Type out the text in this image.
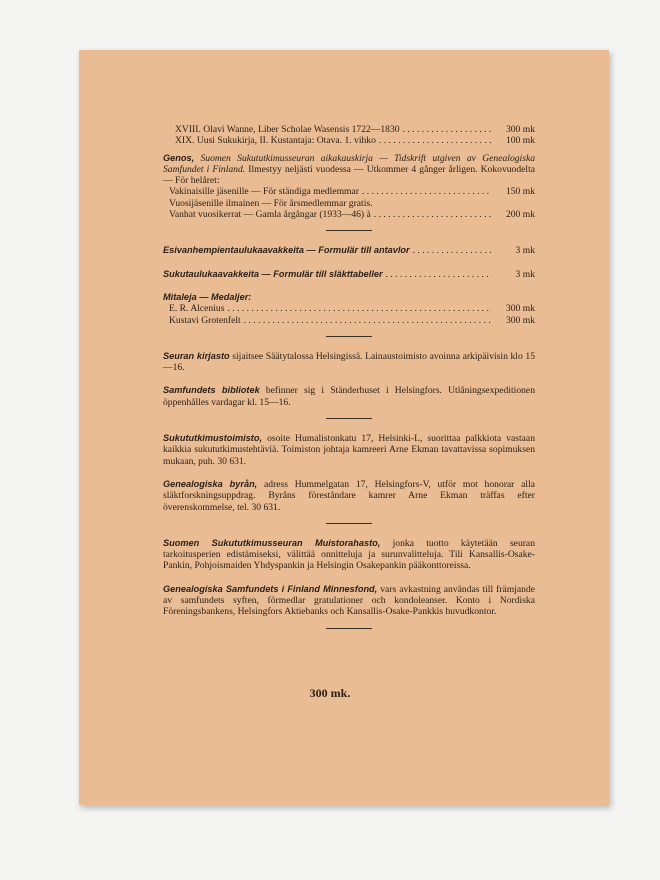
XVIII. Olavi Wanne, Liber Scholae Wasensis 1722—1830 . . .	300 mk
XIX. Uusi Sukukirja, II. Kustantaja: Otava. 1. vihko . . .	100 mk
Genos, Suomen Sukututkimusseuran aikakauskirja — Tidskrift utgiven av Genealogiska Samfundet i Finland. Ilmestyy neljästi vuodessa — Utkommer 4 gånger årligen. Kokovuodelta — För helåret:
Vakinaisille jäsenille — För ständiga medlemmar . . .	150 mk
Vuosijäsenille ilmainen — För årsmedlemmar gratis.
Vanhat vuosikerrat — Gamla årgångar (1933—46) à . . .	200 mk
Esivanhempientaulukaavakkeita — Formulär till antavlor . . .	3 mk
Sukutaulukaavakkeita — Formulär till släkttabeller . . .	3 mk
Mitaleja — Medaljer:
E. R. Alcenius . . .	300 mk
Kustavi Grotenfelt . . .	300 mk
Seuran kirjasto sijaitsee Säätytalossa Helsingissä. Lainaustoimisto avoinna arkipäivisin klo 15—16.
Samfundets bibliotek befinner sig i Ständerhuset i Helsingfors. Utlåningsexpeditionen öppenhålles vardagar kl. 15—16.
Sukututkimustoimisto, osoite Humalistonkatu 17, Helsinki-L, suorittaa palkkiota vastaan kaikkia sukututkimustehtäviä. Toimiston johtaja kamreeri Arne Ekman tavattavissa sopimuksen mukaan, puh. 30 631.
Genealogiska byrån, adress Hummelgatan 17, Helsingfors-V, utför mot honorar alla släktforskningsuppdrag. Byråns föreståndare kamrer Arne Ekman träffas efter överenskommelse, tel. 30 631.
Suomen Sukututkimusseuran Muistorahasto, jonka tuotto käytetään seuran tarkoitusperien edistämiseksi, välittää onnitteluja ja surunvalitteluja. Tili Kansallis-Osake-Pankin, Pohjoismaiden Yhdyspankin ja Helsingin Osakepankin pääkonttoreissa.
Genealogiska Samfundets i Finland Minnesfond, vars avkastning användas till främjande av samfundets syften, förmedlar gratulationer och kondoleanser. Konto i Nordiska Föreningsbankens, Helsingfors Aktiebanks och Kansallis-Osake-Pankkis huvudkontor.
300 mk.
